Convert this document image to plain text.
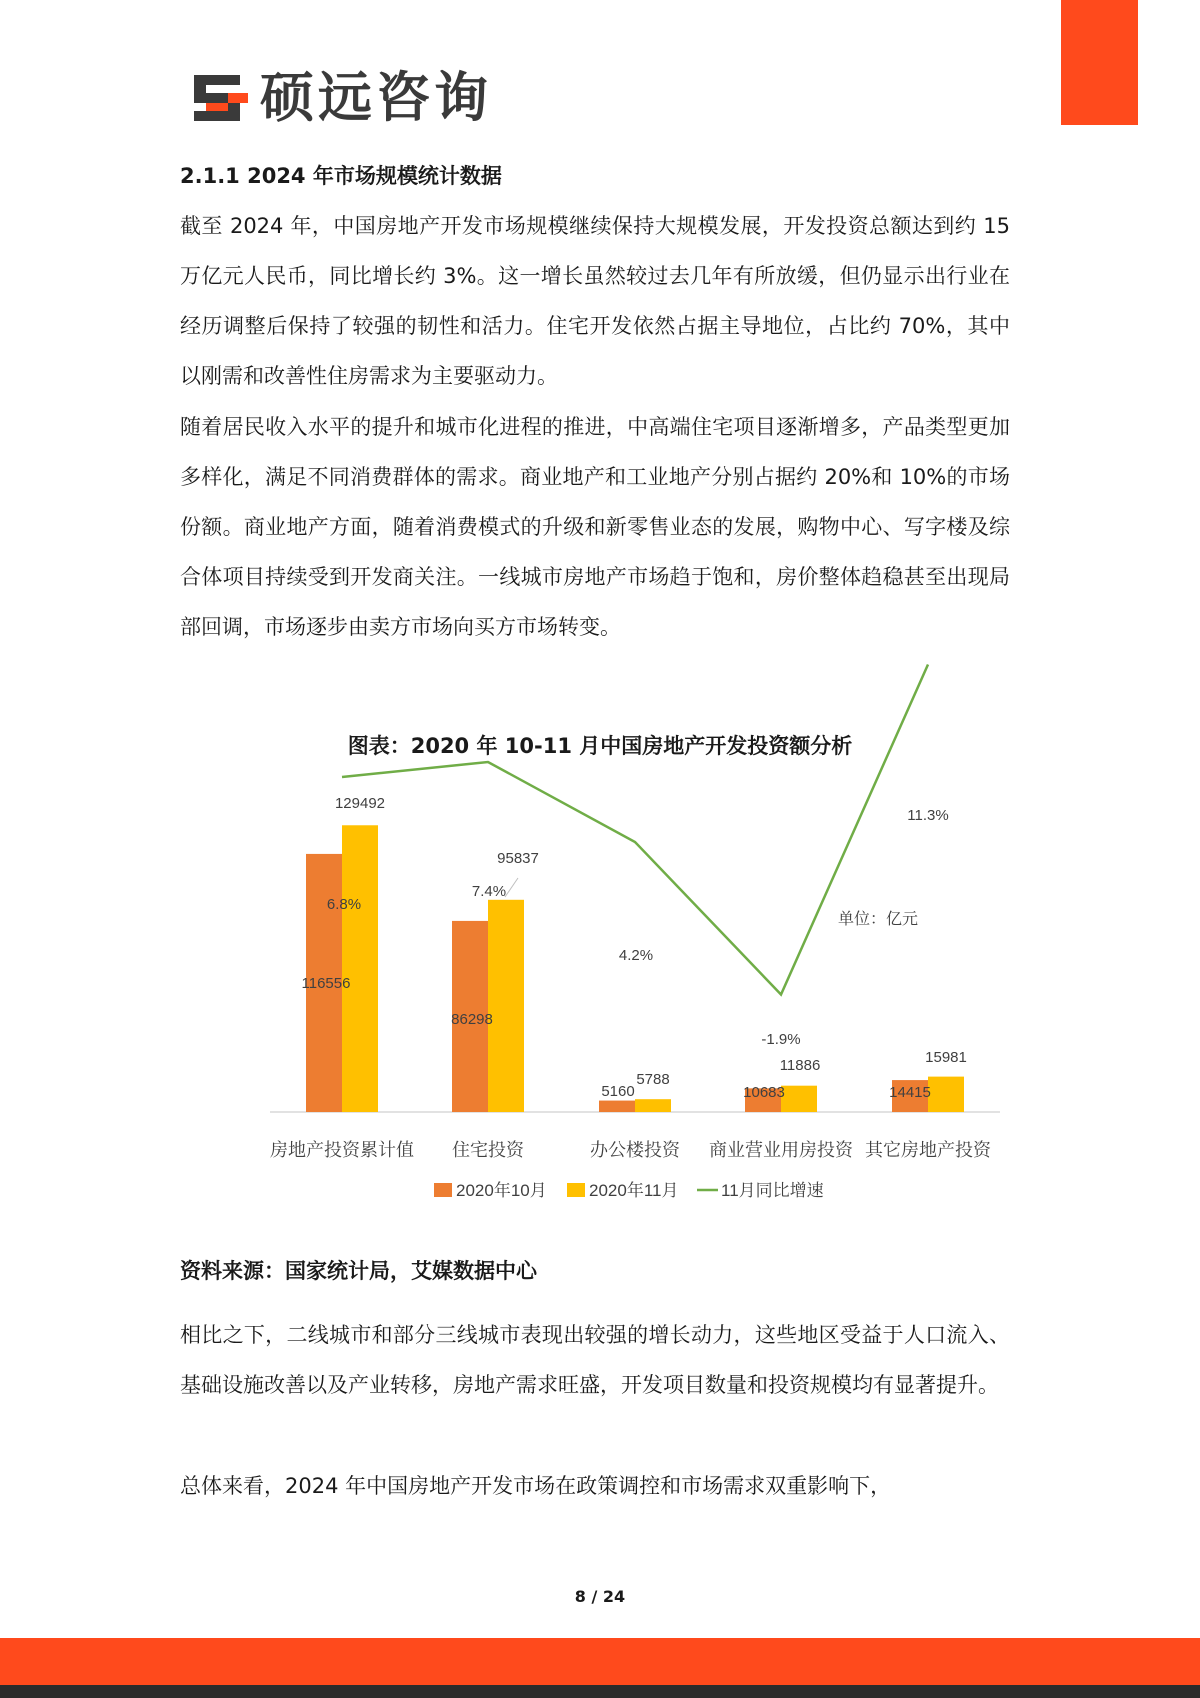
硕远咨询
2.1.1 2024 年市场规模统计数据

截至 2024 年，中国房地产开发市场规模继续保持大规模发展，开发投资总额达到约 15 万亿元人民币，同比增长约 3%。这一增长虽然较过去几年有所放缓，但仍显示出行业在经历调整后保持了较强的韧性和活力。住宅开发依然占据主导地位，占比约 70%，其中以刚需和改善性住房需求为主要驱动力。

随着居民收入水平的提升和城市化进程的推进，中高端住宅项目逐渐增多，产品类型更加多样化，满足不同消费群体的需求。商业地产和工业地产分别占据约 20%和 10%的市场份额。商业地产方面，随着消费模式的升级和新零售业态的发展，购物中心、写字楼及综合体项目持续受到开发商关注。一线城市房地产市场趋于饱和，房价整体趋稳甚至出现局部回调，市场逐步由卖方市场向买方市场转变。

图表：2020 年 10-11 月中国房地产开发投资额分析
116556
86298
5160	10683	14415
129492
95837
5788
11886	15981
6.8%
7.4%
4.2%
-1.9%
11.3%
单位：亿元
房地产投资累计值 住宅投资	办公楼投资 商业营业用房投资 其它房地产投资
2020年10月 2020年11月	11月同比增速
资料来源：国家统计局，艾媒数据中心

相比之下，二线城市和部分三线城市表现出较强的增长动力，这些地区受益于人口流入、基础设施改善以及产业转移，房地产需求旺盛，开发项目数量和投资规模均有显著提升。

总体来看，2024 年中国房地产开发市场在政策调控和市场需求双重影响下，

8 / 24
